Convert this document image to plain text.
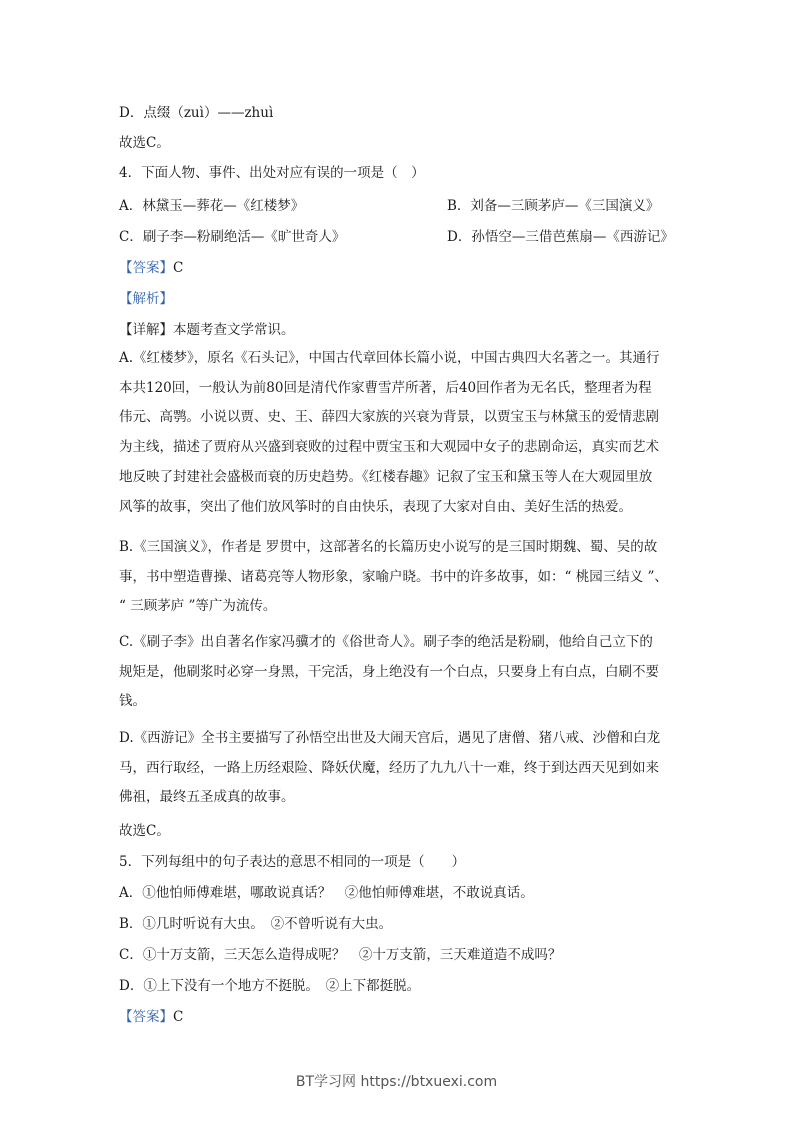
D．点缀（zuì）——zhuì
故选C。
4．下面人物、事件、出处对应有误的一项是（　）
A．林黛玉—葬花—《红楼梦》	B．刘备—三顾茅庐—《三国演义》
C．刷子李—粉刷绝活—《旷世奇人》	D．孙悟空—三借芭蕉扇—《西游记》
【答案】C
【解析】
【详解】本题考查文学常识。

A.《红楼梦》，原名《石头记》，中国古代章回体长篇小说，中国古典四大名著之一。其通行

本共120回，一般认为前80回是清代作家曹雪芹所著，后40回作者为无名氏，整理者为程

伟元、高鹗。小说以贾、史、王、薛四大家族的兴衰为背景，以贾宝玉与林黛玉的爱情悲剧

为主线，描述了贾府从兴盛到衰败的过程中贾宝玉和大观园中女子的悲剧命运，真实而艺术

地反映了封建社会盛极而衰的历史趋势。《红楼春趣》记叙了宝玉和黛玉等人在大观园里放

风筝的故事，突出了他们放风筝时的自由快乐，表现了大家对自由、美好生活的热爱。

B.《三国演义》，作者是 罗贯中，这部著名的长篇历史小说写的是三国时期魏、蜀、吴的故

事，书中塑造曹操、诸葛亮等人物形象，家喻户晓。书中的许多故事，如：“ 桃园三结义 ”、

“ 三顾茅庐 ”等广为流传。

C.《刷子李》出自著名作家冯骥才的《俗世奇人》。刷子李的绝活是粉刷，他给自己立下的

规矩是，他刷浆时必穿一身黑，干完活，身上绝没有一个白点，只要身上有白点，白刷不要

钱。

D.《西游记》全书主要描写了孙悟空出世及大闹天宫后，遇见了唐僧、猪八戒、沙僧和白龙

马，西行取经，一路上历经艰险、降妖伏魔，经历了九九八十一难，终于到达西天见到如来

佛祖，最终五圣成真的故事。

故选C。
5．下列每组中的句子表达的意思不相同的一项是（　　）
A．①他怕师傅难堪，哪敢说真话？　②他怕师傅难堪，不敢说真话。
B．①几时听说有大虫。　②不曾听说有大虫。
C．①十万支箭，三天怎么造得成呢？　②十万支箭，三天难道造不成吗？
D．①上下没有一个地方不挺脱。　②上下都挺脱。
【答案】C
BT学习网 https://btxuexi.com
